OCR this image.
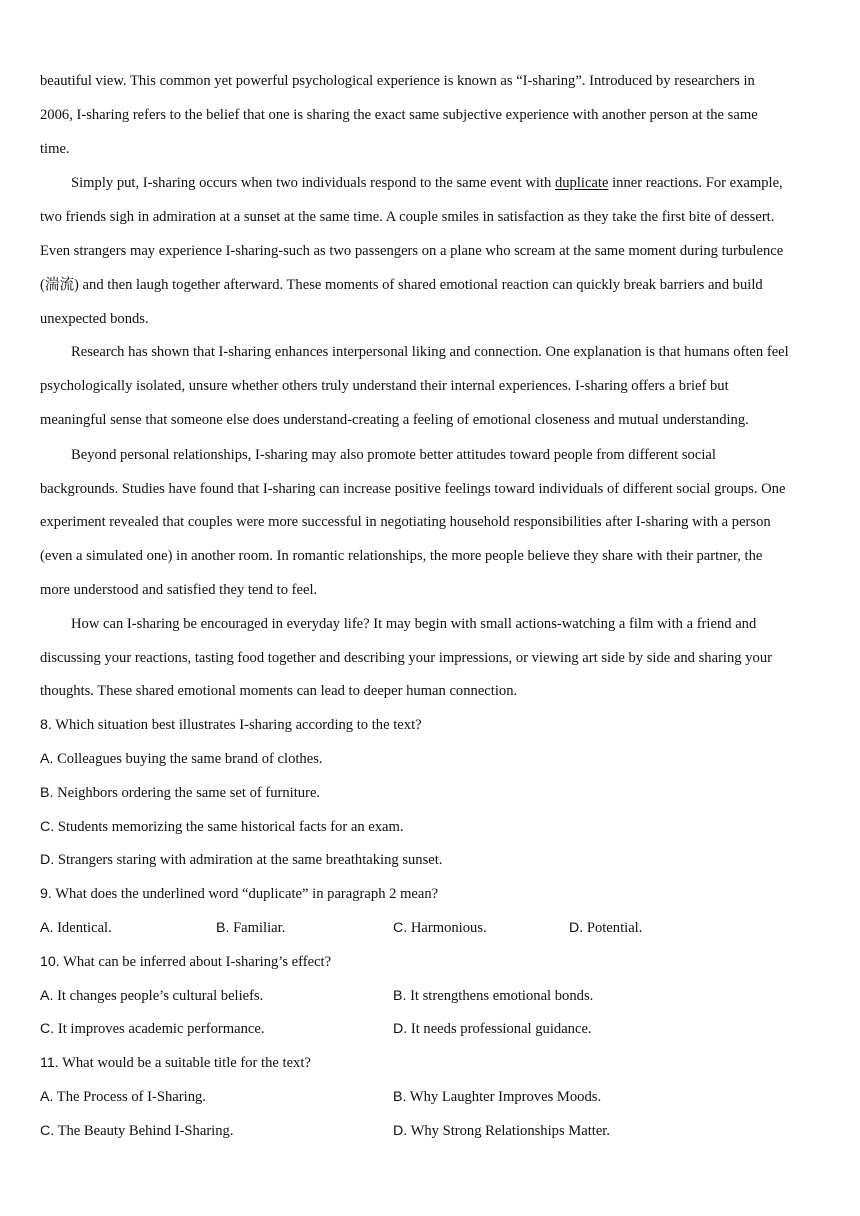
beautiful view. This common yet powerful psychological experience is known as “I-sharing”. Introduced by researchers in
2006, I-sharing refers to the belief that one is sharing the exact same subjective experience with another person at the same
time.
Simply put, I-sharing occurs when two individuals respond to the same event with duplicate inner reactions. For example,
two friends sigh in admiration at a sunset at the same time. A couple smiles in satisfaction as they take the first bite of dessert.
Even strangers may experience I-sharing-such as two passengers on a plane who scream at the same moment during turbulence
(湍流) and then laugh together afterward. These moments of shared emotional reaction can quickly break barriers and build
unexpected bonds.
Research has shown that I-sharing enhances interpersonal liking and connection. One explanation is that humans often feel
psychologically isolated, unsure whether others truly understand their internal experiences. I-sharing offers a brief but
meaningful sense that someone else does understand-creating a feeling of emotional closeness and mutual understanding.
Beyond personal relationships, I-sharing may also promote better attitudes toward people from different social
backgrounds. Studies have found that I-sharing can increase positive feelings toward individuals of different social groups. One
experiment revealed that couples were more successful in negotiating household responsibilities after I-sharing with a person
(even a simulated one) in another room. In romantic relationships, the more people believe they share with their partner, the
more understood and satisfied they tend to feel.
How can I-sharing be encouraged in everyday life? It may begin with small actions-watching a film with a friend and
discussing your reactions, tasting food together and describing your impressions, or viewing art side by side and sharing your
thoughts. These shared emotional moments can lead to deeper human connection.
8. Which situation best illustrates I-sharing according to the text?
A. Colleagues buying the same brand of clothes.
B. Neighbors ordering the same set of furniture.
C. Students memorizing the same historical facts for an exam.
D. Strangers staring with admiration at the same breathtaking sunset.
9. What does the underlined word “duplicate” in paragraph 2 mean?
A. Identical.	B. Familiar.	C. Harmonious.	D. Potential.
10. What can be inferred about I-sharing’s effect?
A. It changes people’s cultural beliefs.	B. It strengthens emotional bonds.
C. It improves academic performance.	D. It needs professional guidance.
11. What would be a suitable title for the text?
A. The Process of I-Sharing.	B. Why Laughter Improves Moods.
C. The Beauty Behind I-Sharing.	D. Why Strong Relationships Matter.
